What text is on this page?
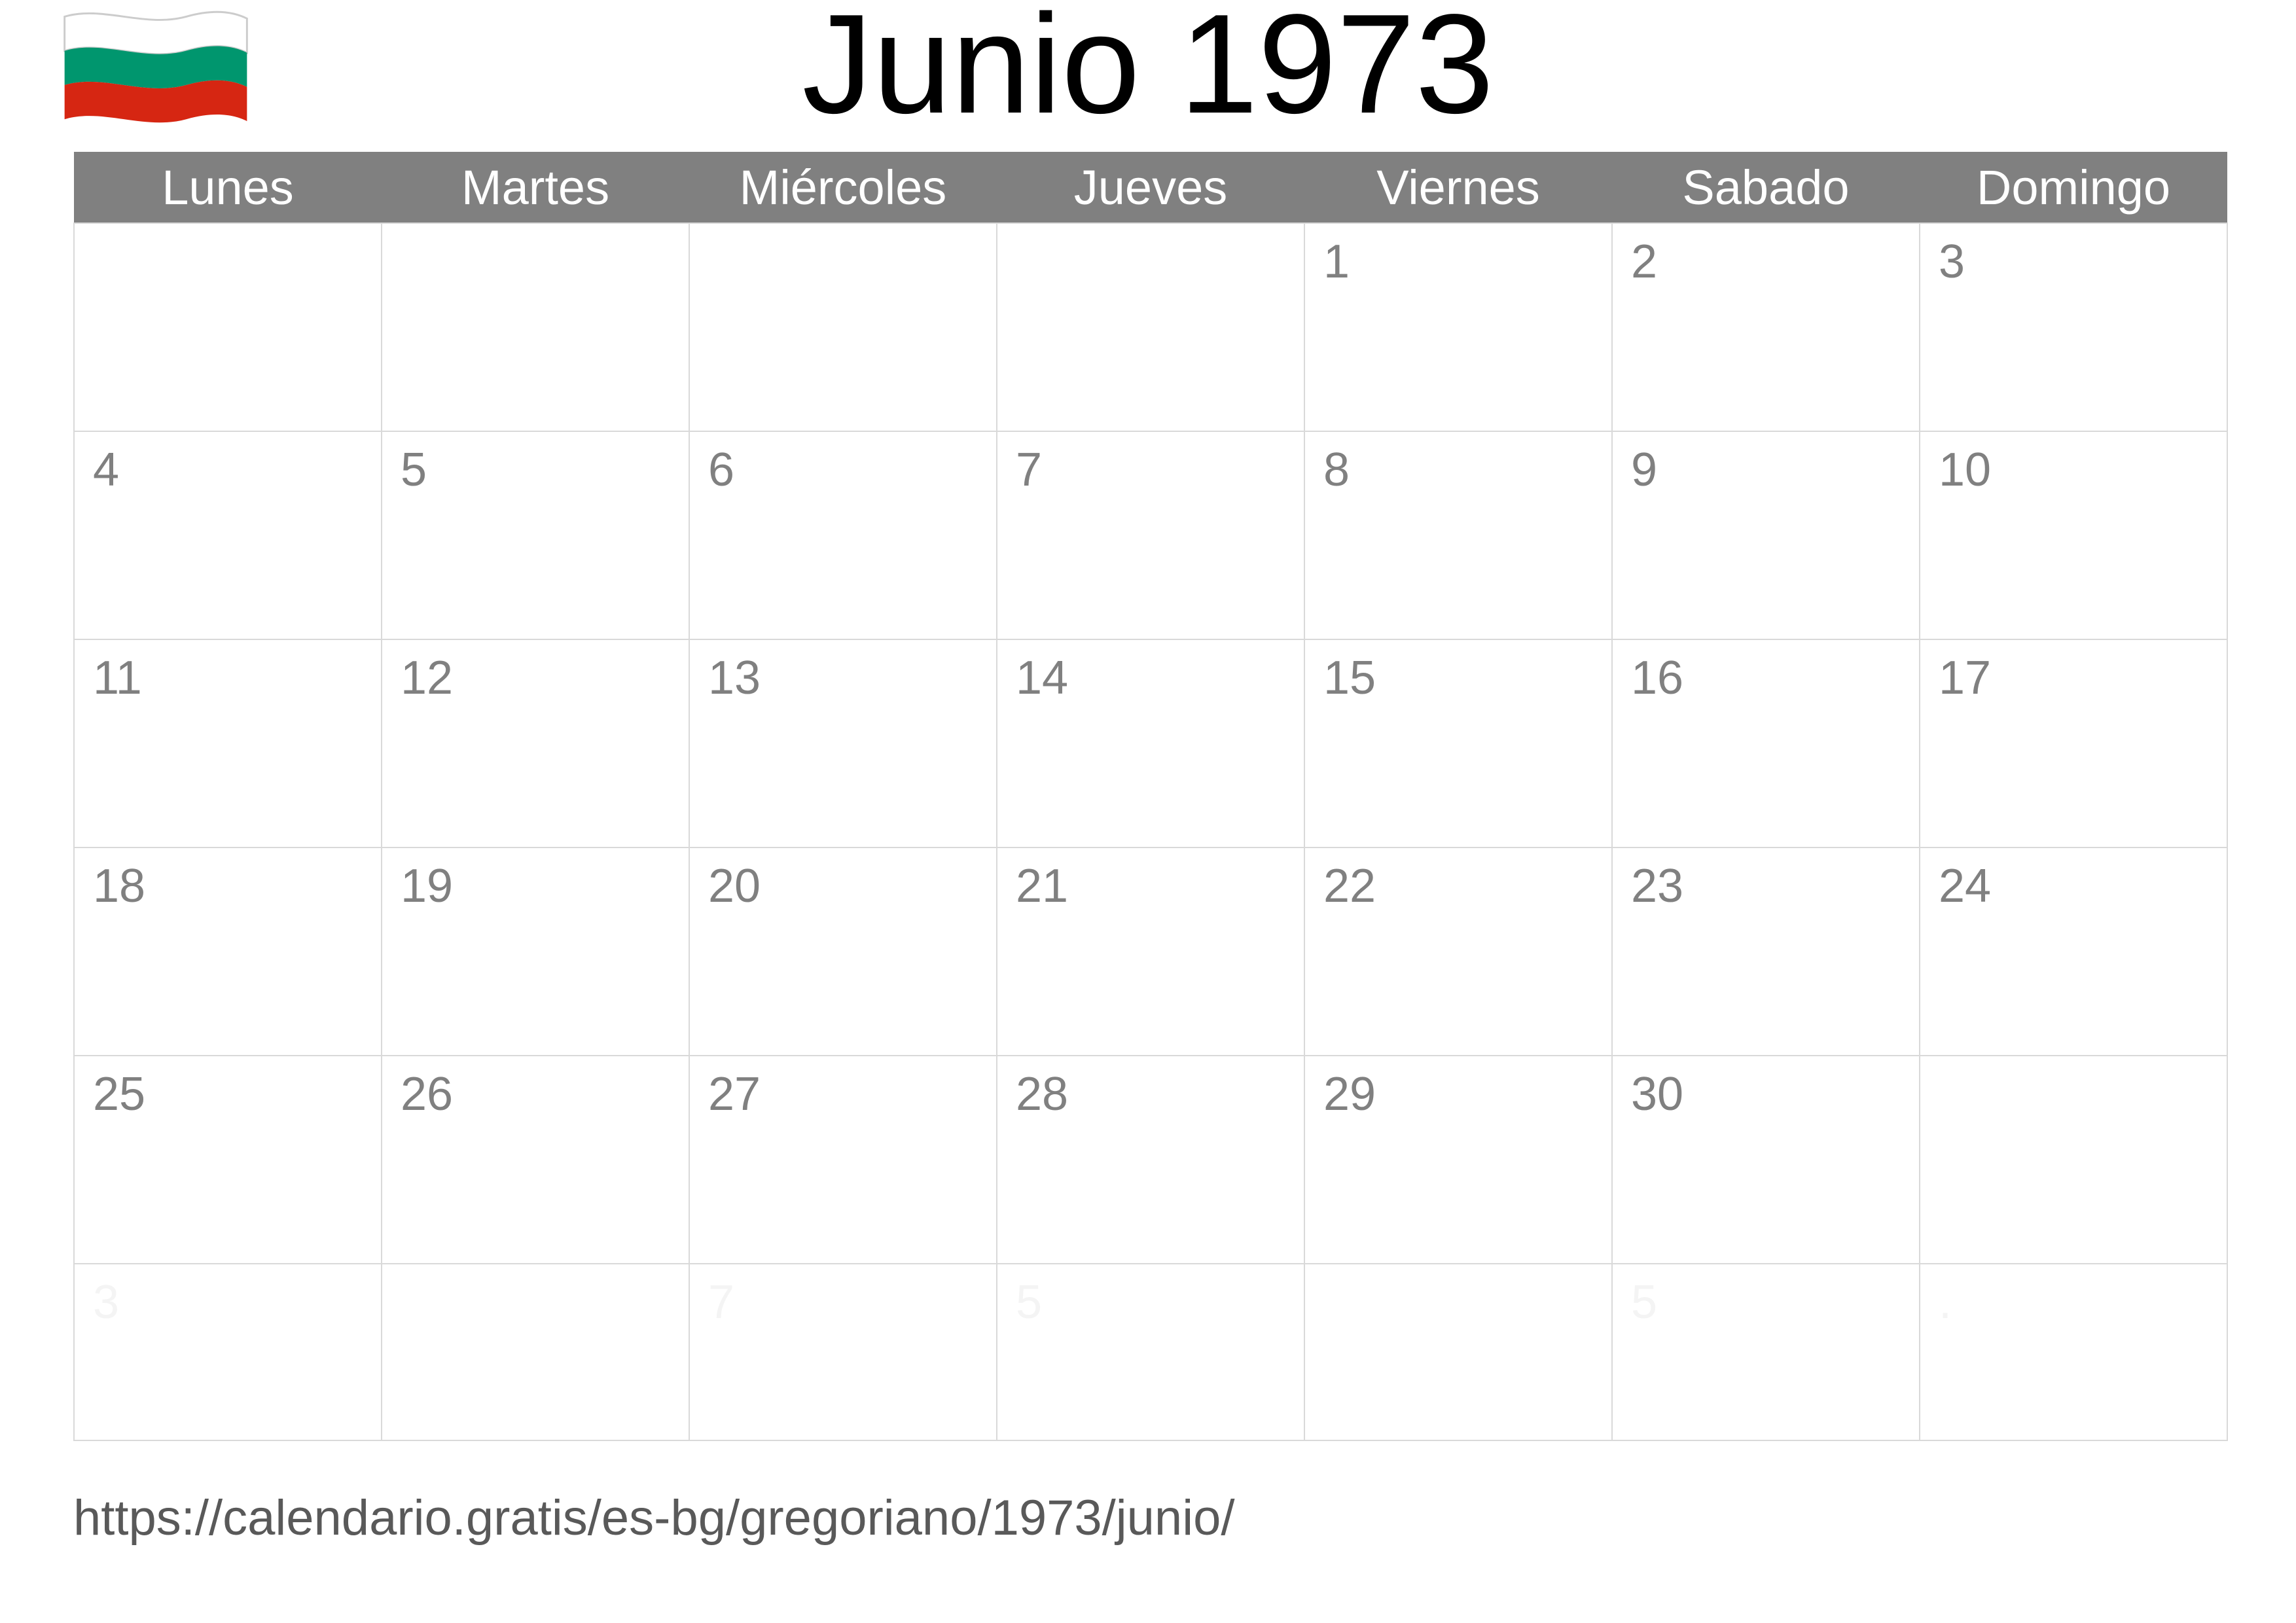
Junio 1973
Lunes	Martes	Miércoles	Jueves	Viernes	Sabado	Domingo

				1	2	3

4	5	6	7	8	9	10

11	12	13	14	15	16	17

18	19	20	21	22	23	24

25	26	27	28	29	30	

3		7	5		5	.
https://calendario.gratis/es-bg/gregoriano/1973/junio/
